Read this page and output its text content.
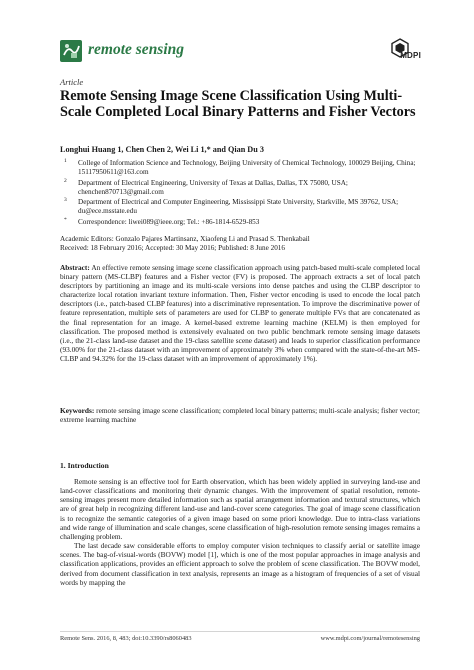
remote sensing	MDPI
Article
Remote Sensing Image Scene Classification Using Multi-Scale Completed Local Binary Patterns and Fisher Vectors
Longhui Huang 1, Chen Chen 2, Wei Li 1,* and Qian Du 3
1 College of Information Science and Technology, Beijing University of Chemical Technology, 100029 Beijing, China; 15117950611@163.com
2 Department of Electrical Engineering, University of Texas at Dallas, Dallas, TX 75080, USA; chenchen870713@gmail.com
3 Department of Electrical and Computer Engineering, Mississippi State University, Starkville, MS 39762, USA; du@ece.msstate.edu
* Correspondence: liwei089@ieee.org; Tel.: +86-1814-6529-853
Academic Editors: Gonzalo Pajares Martinsanz, Xiaofeng Li and Prasad S. Thenkabail
Received: 18 February 2016; Accepted: 30 May 2016; Published: 8 June 2016
Abstract: An effective remote sensing image scene classification approach using patch-based multi-scale completed local binary pattern (MS-CLBP) features and a Fisher vector (FV) is proposed. The approach extracts a set of local patch descriptors by partitioning an image and its multi-scale versions into dense patches and using the CLBP descriptor to characterize local rotation invariant texture information. Then, Fisher vector encoding is used to encode the local patch descriptors (i.e., patch-based CLBP features) into a discriminative representation. To improve the discriminative power of feature representation, multiple sets of parameters are used for CLBP to generate multiple FVs that are concatenated as the final representation for an image. A kernel-based extreme learning machine (KELM) is then employed for classification. The proposed method is extensively evaluated on two public benchmark remote sensing image datasets (i.e., the 21-class land-use dataset and the 19-class satellite scene dataset) and leads to superior classification performance (93.00% for the 21-class dataset with an improvement of approximately 3% when compared with the state-of-the-art MS-CLBP and 94.32% for the 19-class dataset with an improvement of approximately 1%).
Keywords: remote sensing image scene classification; completed local binary patterns; multi-scale analysis; fisher vector; extreme learning machine
1. Introduction

Remote sensing is an effective tool for Earth observation, which has been widely applied in surveying land-use and land-cover classifications and monitoring their dynamic changes. With the improvement of spatial resolution, remote-sensing images present more detailed information such as spatial arrangement information and textural structures, which are of great help in recognizing different land-use and land-cover scene categories. The goal of image scene classification is to recognize the semantic categories of a given image based on some priori knowledge. Due to intra-class variations and wide range of illumination and scale changes, scene classification of high-resolution remote sensing images remains a challenging problem.

The last decade saw considerable efforts to employ computer vision techniques to classify aerial or satellite image scenes. The bag-of-visual-words (BOVW) model [1], which is one of the most popular approaches in image analysis and classification applications, provides an efficient approach to solve the problem of scene classification. The BOVW model, derived from document classification in text analysis, represents an image as a histogram of frequencies of a set of visual words by mapping the

Remote Sens. 2016, 8, 483; doi:10.3390/rs8060483	www.mdpi.com/journal/remotesensing
